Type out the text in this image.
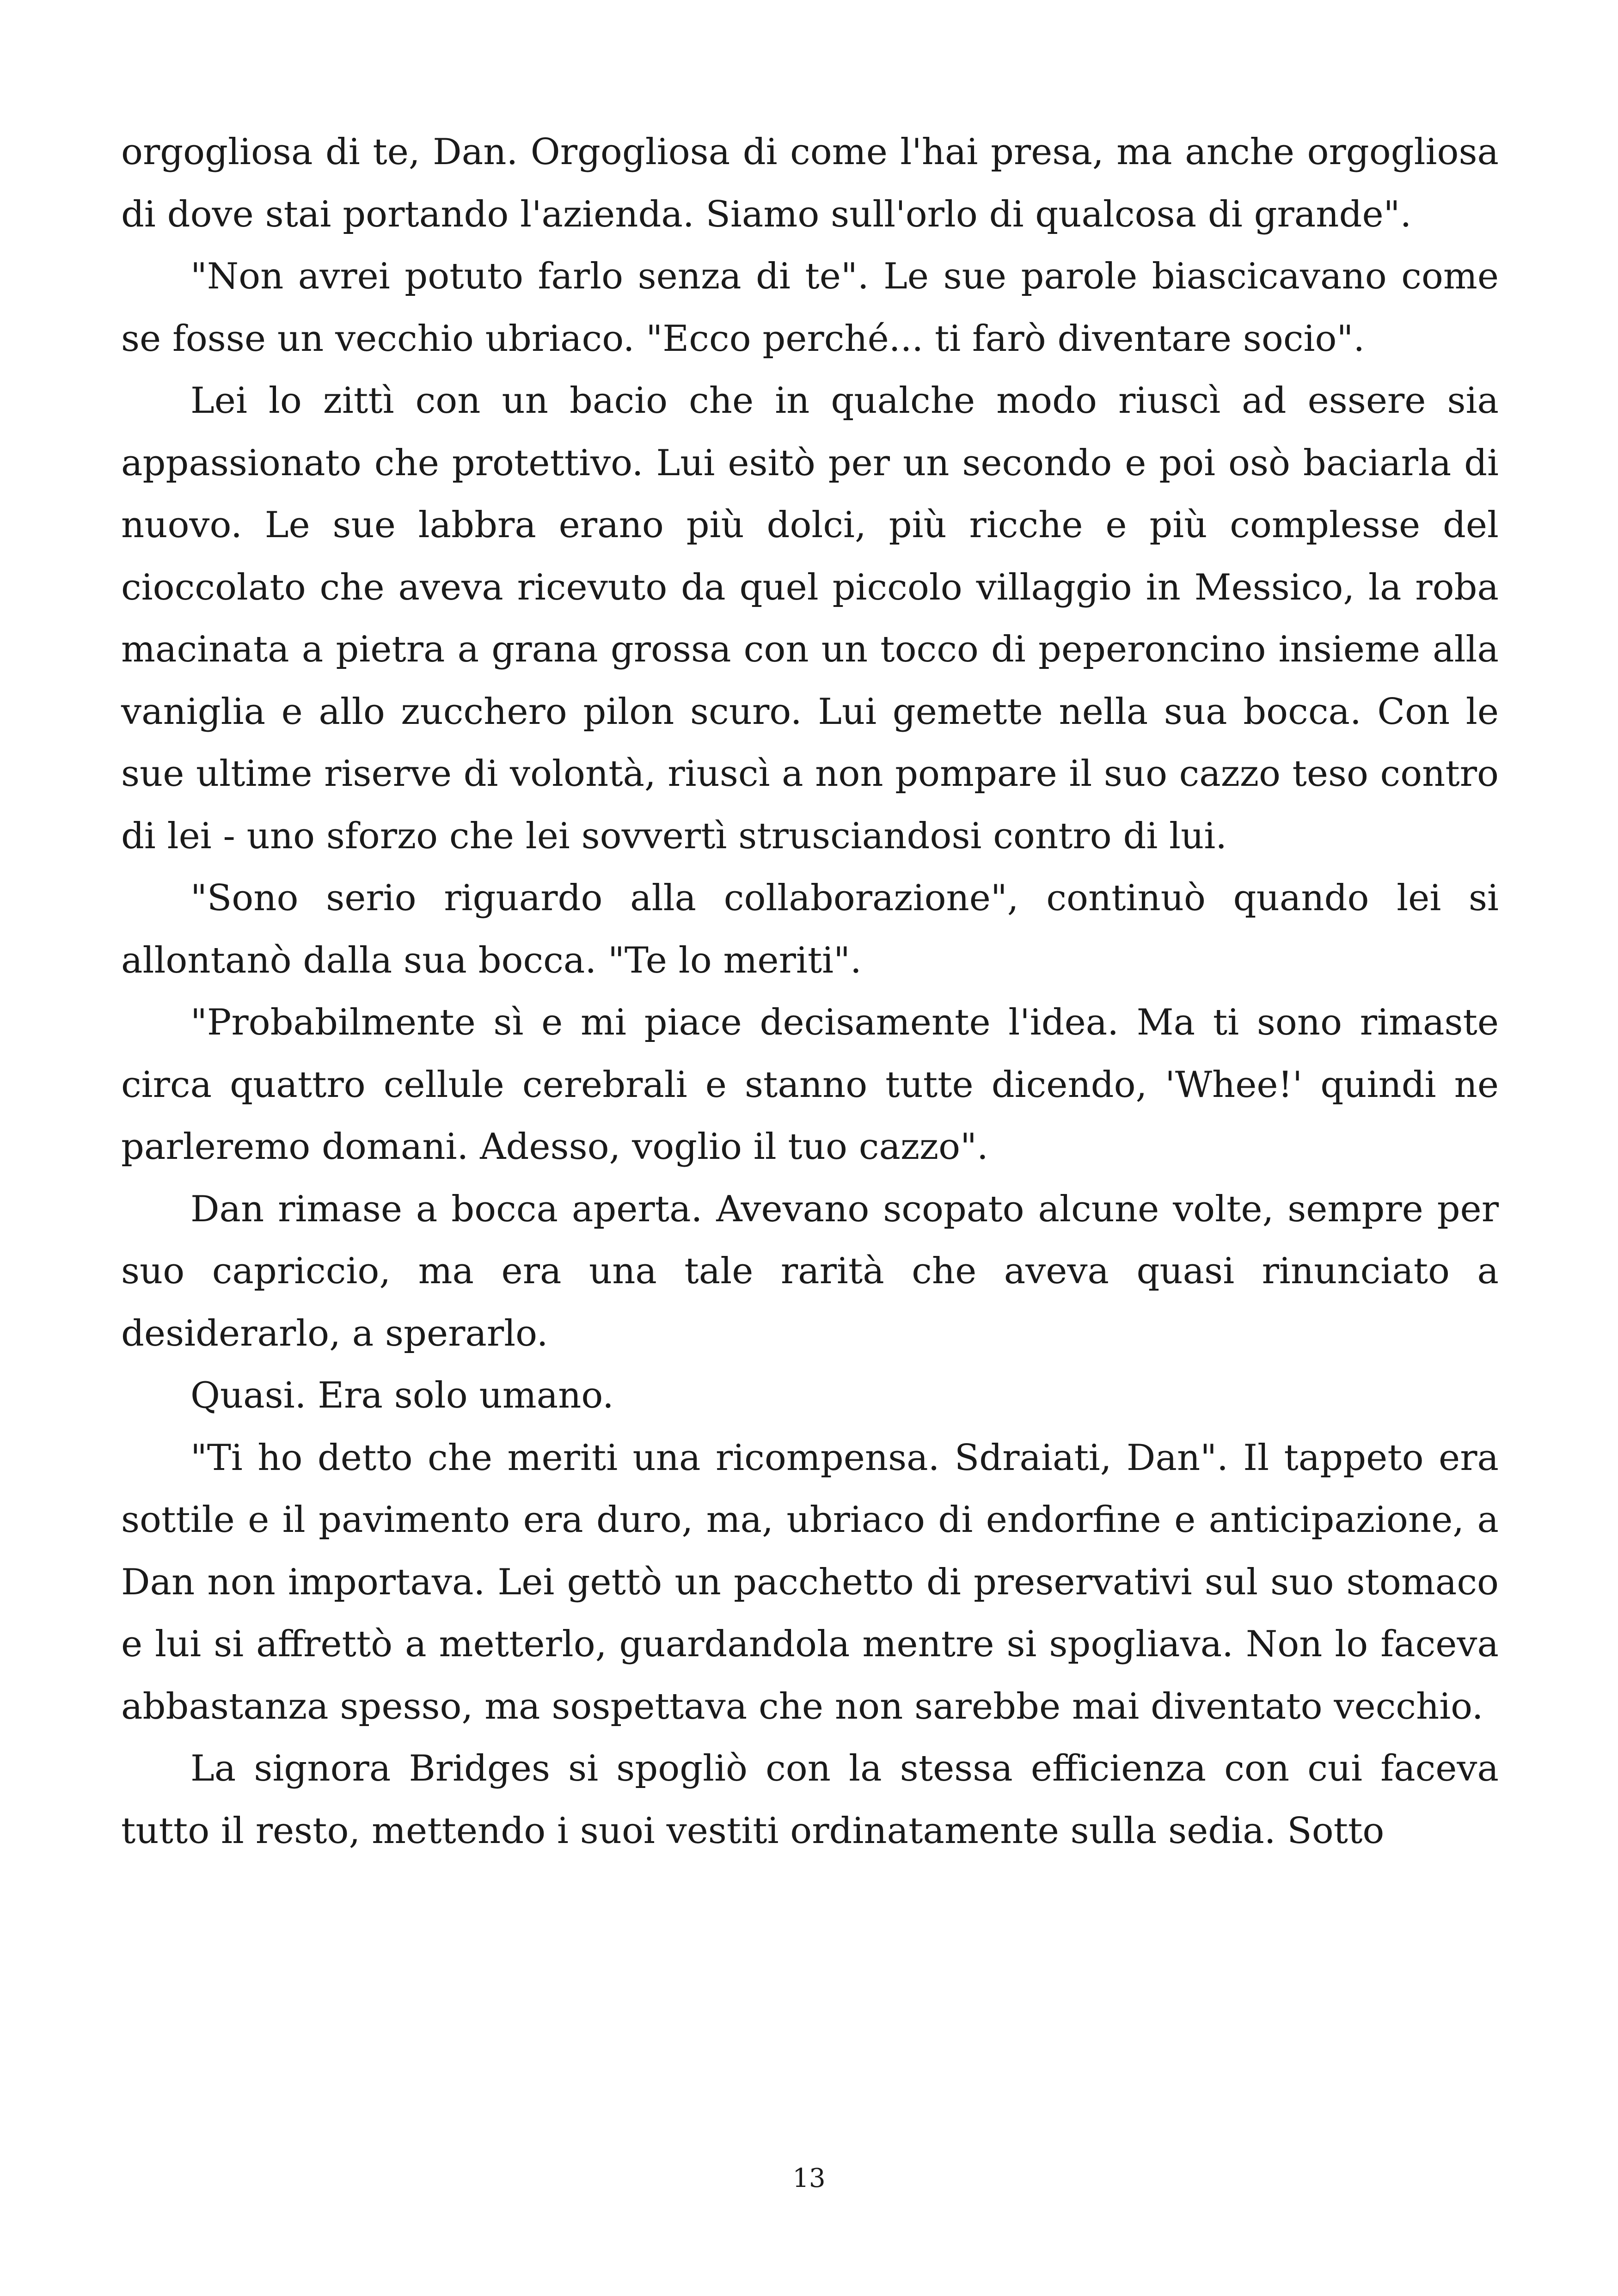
orgogliosa di te, Dan. Orgogliosa di come l'hai presa, ma anche orgogliosa di dove stai portando l'azienda. Siamo sull'orlo di qualcosa di grande".

"Non avrei potuto farlo senza di te". Le sue parole biascicavano come se fosse un vecchio ubriaco. "Ecco perché... ti farò diventare socio".

Lei lo zittì con un bacio che in qualche modo riuscì ad essere sia appassionato che protettivo. Lui esitò per un secondo e poi osò baciarla di nuovo. Le sue labbra erano più dolci, più ricche e più complesse del cioccolato che aveva ricevuto da quel piccolo villaggio in Messico, la roba macinata a pietra a grana grossa con un tocco di peperoncino insieme alla vaniglia e allo zucchero pilon scuro. Lui gemette nella sua bocca. Con le sue ultime riserve di volontà, riuscì a non pompare il suo cazzo teso contro di lei - uno sforzo che lei sovvertì strusciandosi contro di lui.

"Sono serio riguardo alla collaborazione", continuò quando lei si allontanò dalla sua bocca. "Te lo meriti".

"Probabilmente sì e mi piace decisamente l'idea. Ma ti sono rimaste circa quattro cellule cerebrali e stanno tutte dicendo, 'Whee!' quindi ne parleremo domani. Adesso, voglio il tuo cazzo".

Dan rimase a bocca aperta. Avevano scopato alcune volte, sempre per suo capriccio, ma era una tale rarità che aveva quasi rinunciato a desiderarlo, a sperarlo.

Quasi. Era solo umano.

"Ti ho detto che meriti una ricompensa. Sdraiati, Dan". Il tappeto era sottile e il pavimento era duro, ma, ubriaco di endorfine e anticipazione, a Dan non importava. Lei gettò un pacchetto di preservativi sul suo stomaco e lui si affrettò a metterlo, guardandola mentre si spogliava. Non lo faceva abbastanza spesso, ma sospettava che non sarebbe mai diventato vecchio.

La signora Bridges si spogliò con la stessa efficienza con cui faceva tutto il resto, mettendo i suoi vestiti ordinatamente sulla sedia. Sotto

13
